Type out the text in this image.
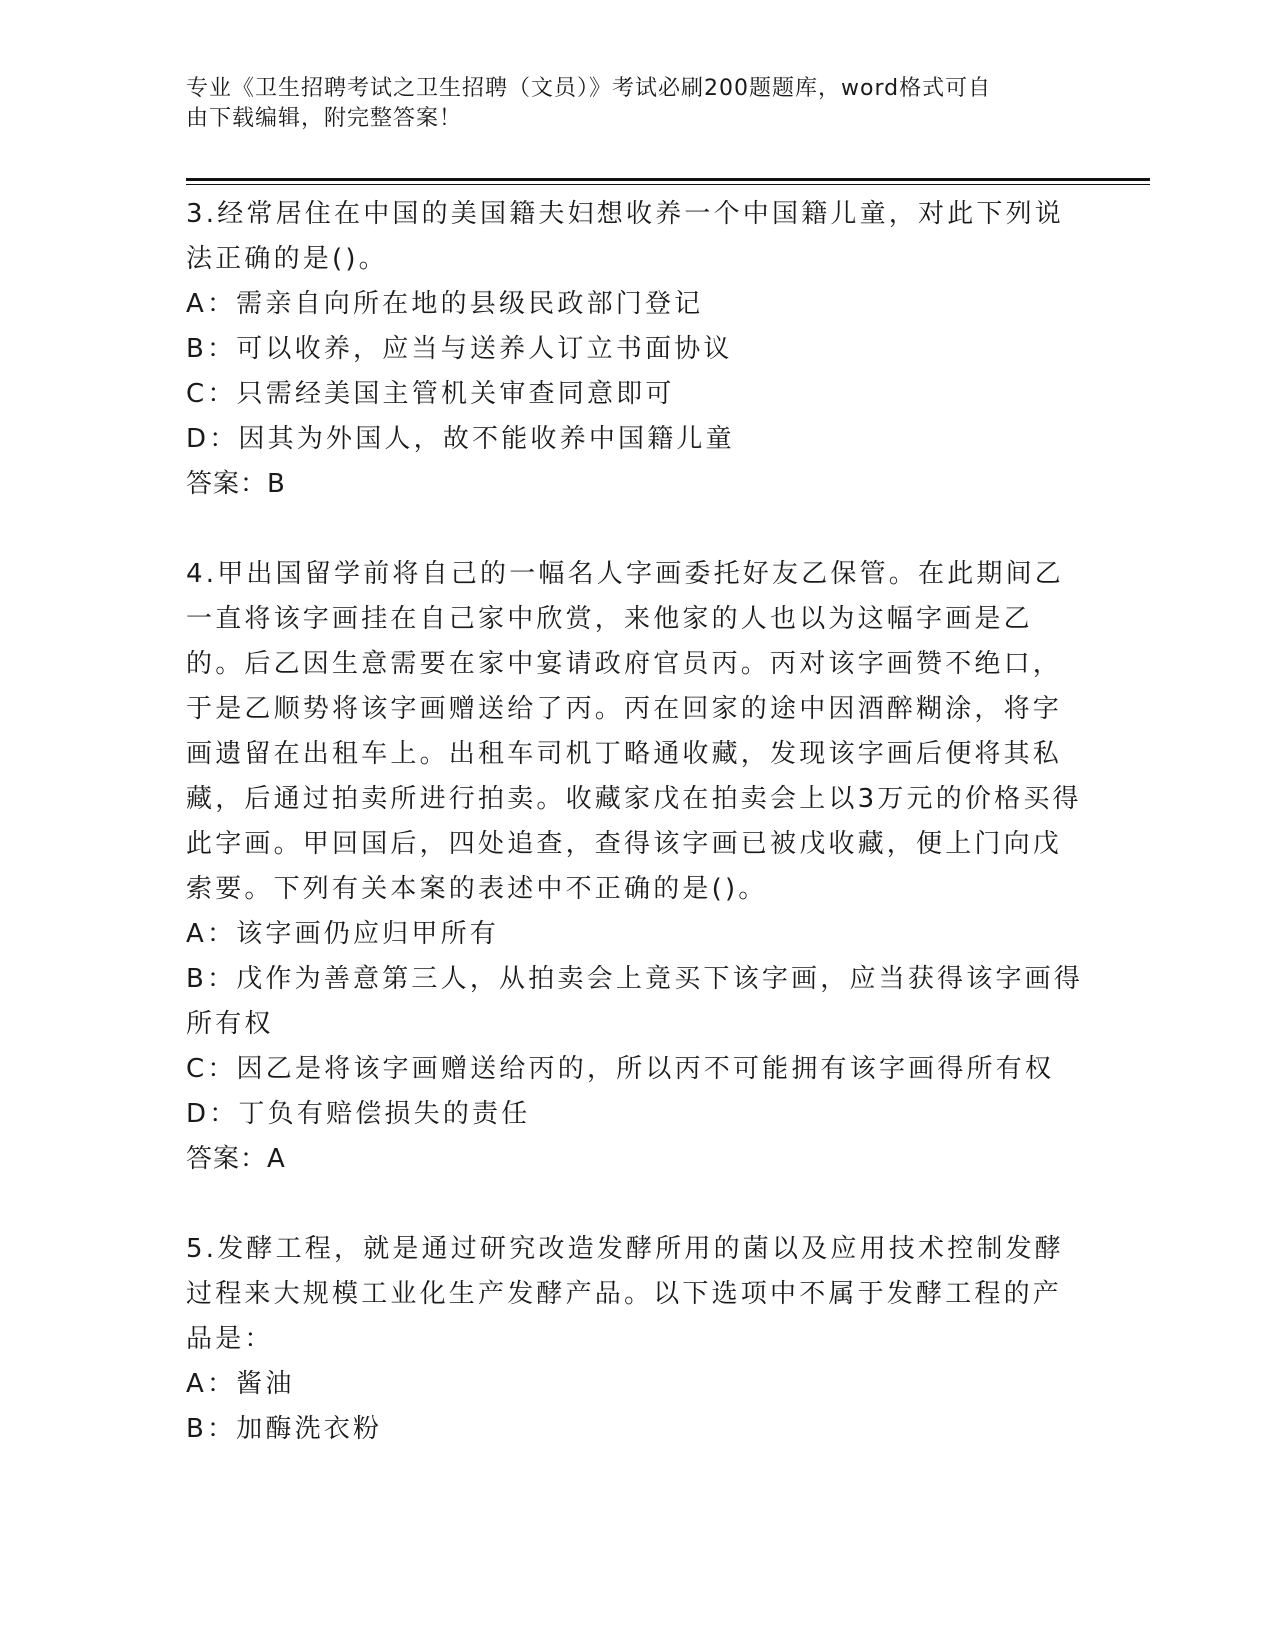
专业《卫生招聘考试之卫生招聘（文员）》考试必刷200题题库，word格式可自
由下载编辑，附完整答案！

3.经常居住在中国的美国籍夫妇想收养一个中国籍儿童，对此下列说法正确的是()。

A：需亲自向所在地的县级民政部门登记

B：可以收养，应当与送养人订立书面协议

C：只需经美国主管机关审查同意即可

D：因其为外国人，故不能收养中国籍儿童

答案：B

4.甲出国留学前将自己的一幅名人字画委托好友乙保管。在此期间乙一直将该字画挂在自己家中欣赏，来他家的人也以为这幅字画是乙的。后乙因生意需要在家中宴请政府官员丙。丙对该字画赞不绝口，于是乙顺势将该字画赠送给了丙。丙在回家的途中因酒醉糊涂，将字画遗留在出租车上。出租车司机丁略通收藏，发现该字画后便将其私藏，后通过拍卖所进行拍卖。收藏家戊在拍卖会上以3万元的价格买得此字画。甲回国后，四处追查，查得该字画已被戊收藏，便上门向戊索要。下列有关本案的表述中不正确的是()。

A：该字画仍应归甲所有

B：戊作为善意第三人，从拍卖会上竟买下该字画，应当获得该字画得所有权

C：因乙是将该字画赠送给丙的，所以丙不可能拥有该字画得所有权

D：丁负有赔偿损失的责任

答案：A

5.发酵工程，就是通过研究改造发酵所用的菌以及应用技术控制发酵过程来大规模工业化生产发酵产品。以下选项中不属于发酵工程的产品是：

A：酱油

B：加酶洗衣粉
